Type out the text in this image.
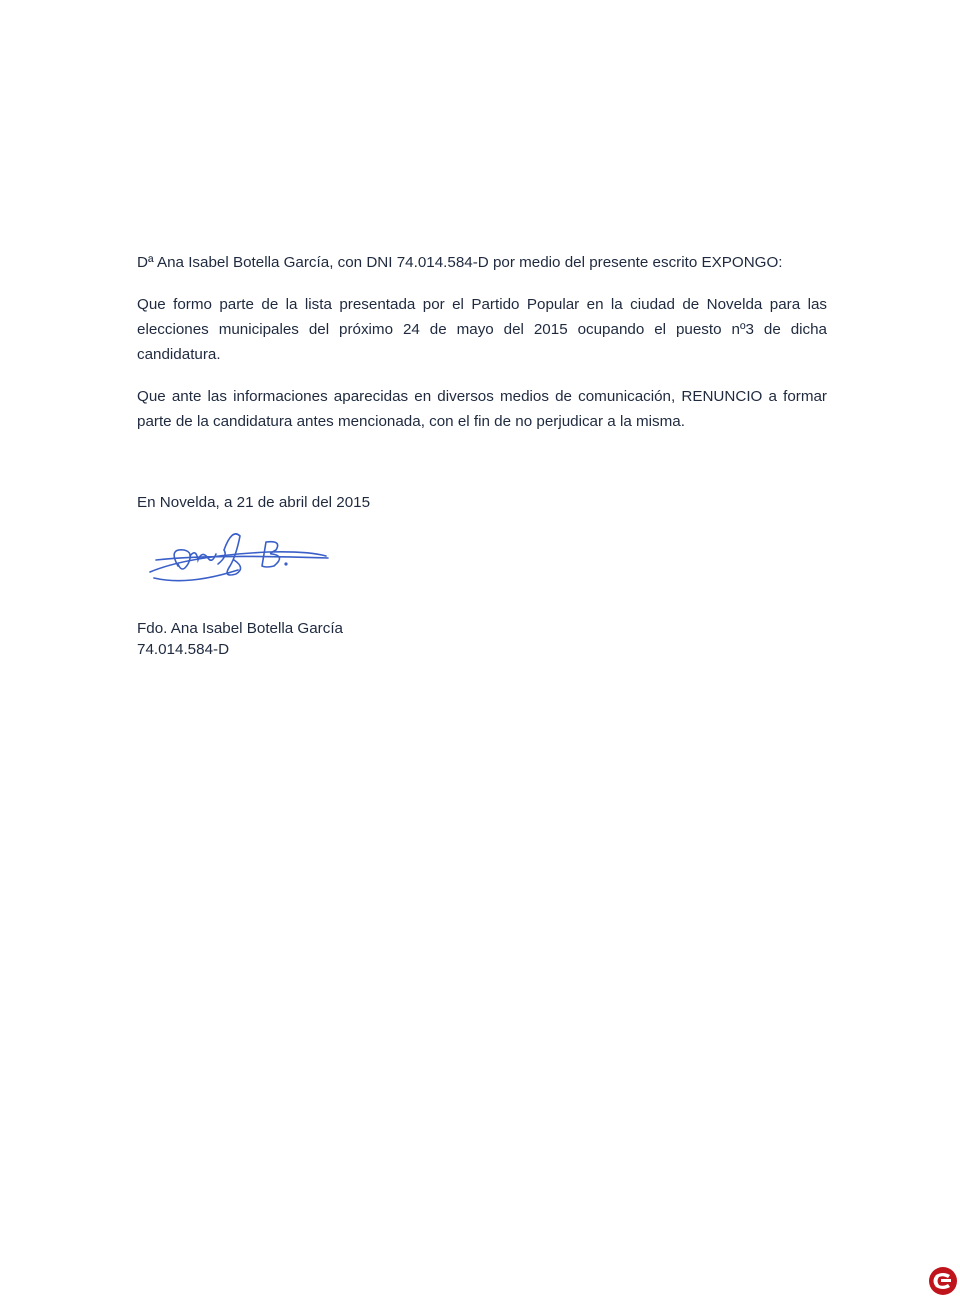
Dª Ana Isabel Botella García, con DNI 74.014.584-D por medio del presente escrito EXPONGO:
Que formo parte de la lista presentada por el Partido Popular en la ciudad de Novelda para las elecciones municipales del próximo 24 de mayo del 2015 ocupando el puesto nº3 de dicha candidatura.
Que ante las informaciones aparecidas en diversos medios de comunicación, RENUNCIO a formar parte de la candidatura antes mencionada, con el fin de no perjudicar a la misma.
En Novelda, a 21 de abril del 2015
Fdo. Ana Isabel Botella García
74.014.584-D
